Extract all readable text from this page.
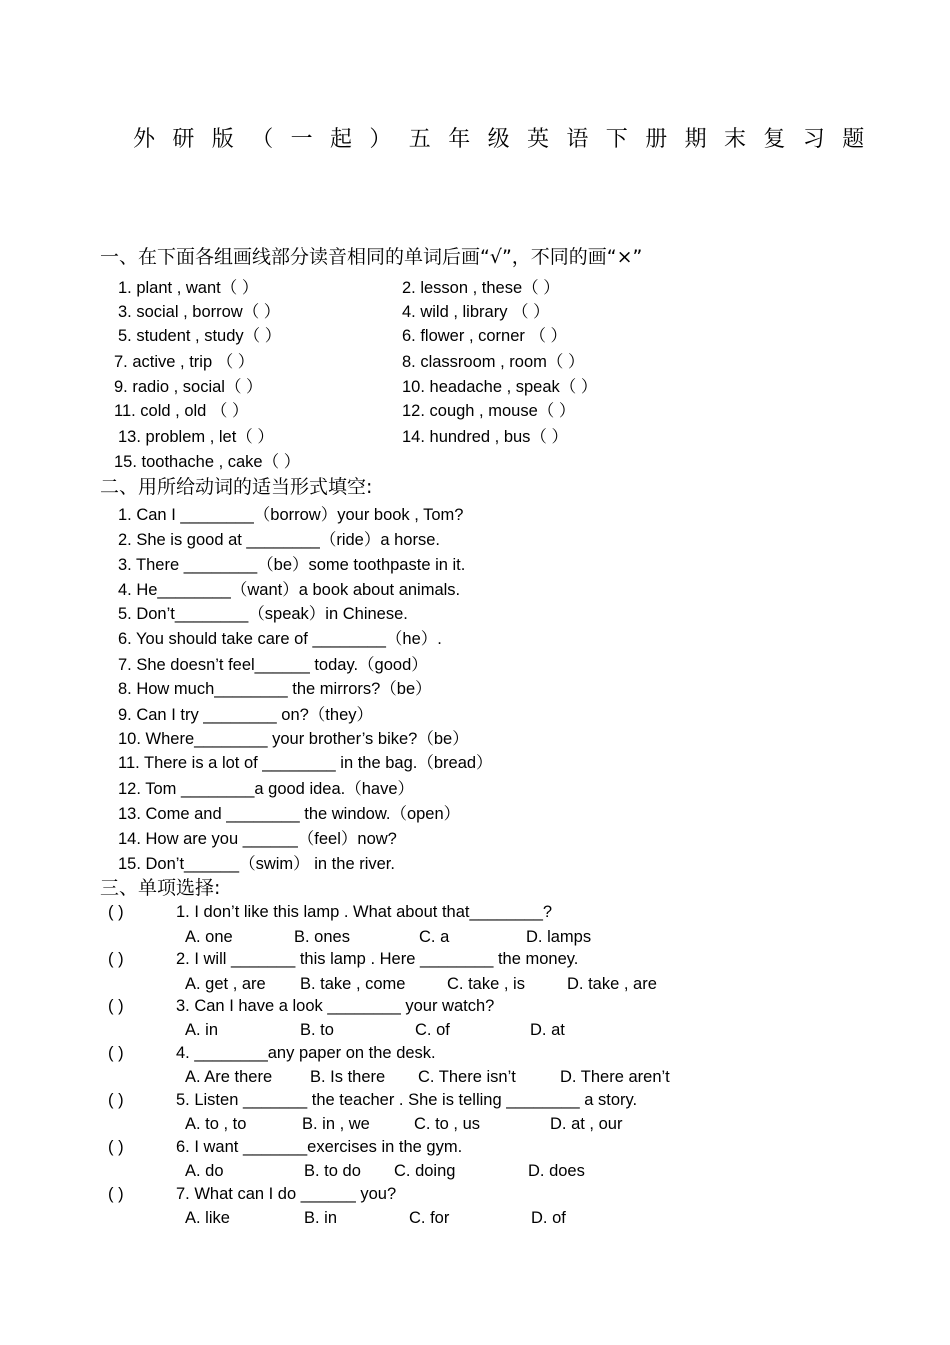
外研版（一起）五年级英语下册期末复习题
一、在下面各组画线部分读音相同的单词后画“√”，不同的画“×”
1. plant , want（ ）	2. lesson , these（ ）
3. social , borrow（ ）	4. wild , library （ ）
5. student , study（ ）	6. flower , corner （ ）
7. active , trip （ ）	8. classroom , room（ ）
9. radio , social（ ）	10. headache , speak（ ）
11. cold , old （ ）	12. cough , mouse（ ）
13. problem , let（ ）	14. hundred , bus（ ）
15. toothache , cake（ ）
二、用所给动词的适当形式填空:
1. Can I ________（borrow）your book , Tom?
2. She is good at ________（ride）a horse.
3. There ________（be）some toothpaste in it.
4. He________（want）a book about animals.
5. Don’t________（speak）in Chinese.
6. You should take care of ________（he）.
7. She doesn’t feel______ today.（good）
8. How much________ the mirrors?（be）
9. Can I try ________ on?（they）
10. Where________ your brother’s bike?（be）
11. There is a lot of ________ in the bag.（bread）
12. Tom ________a good idea.（have）
13. Come and ________ the window.（open）
14. How are you ______（feel）now?
15. Don’t______（swim） in the river.
三、单项选择:
( )	1. I don’t like this lamp . What about that________?
A. one	B. ones	C. a	D. lamps
( )	2. I will _______ this lamp . Here ________ the money.
A. get , are B. take , come	C. take , is	D. take , are
( )	3. Can I have a look ________ your watch?
A. in	B. to	C. of	D. at
( )	4. ________any paper on the desk.
A. Are there B. Is there C. There isn’t	D. There aren’t
( )	5. Listen _______ the teacher . She is telling ________ a story.
A. to , to	B. in , we	C. to , us	D. at , our
( )	6. I want _______exercises in the gym.
A. do	B. to do C. doing	D. does
( )	7. What can I do ______ you?
A. like	B. in	C. for	D. of
